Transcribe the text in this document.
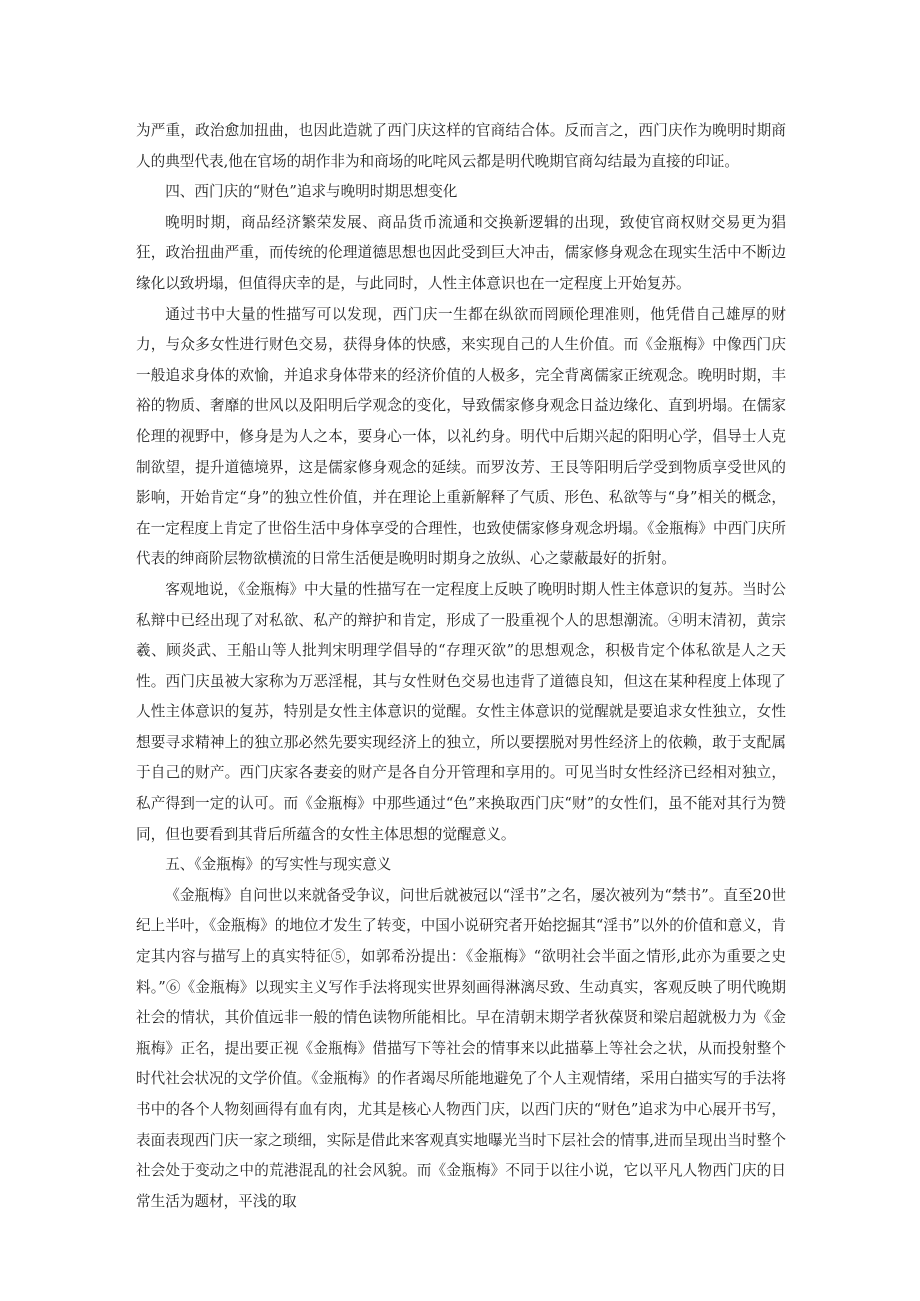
为严重，政治愈加扭曲，也因此造就了西门庆这样的官商结合体。反而言之，西门庆作为晚明时期商人的典型代表,他在官场的胡作非为和商场的叱咤风云都是明代晚期官商勾结最为直接的印证。

四、西门庆的“财色”追求与晚明时期思想变化

晚明时期，商品经济繁荣发展、商品货币流通和交换新逻辑的出现，致使官商权财交易更为猖狂，政治扭曲严重，而传统的伦理道德思想也因此受到巨大冲击，儒家修身观念在现实生活中不断边缘化以致坍塌，但值得庆幸的是，与此同时，人性主体意识也在一定程度上开始复苏。

通过书中大量的性描写可以发现，西门庆一生都在纵欲而罔顾伦理准则，他凭借自己雄厚的财力，与众多女性进行财色交易，获得身体的快感，来实现自己的人生价值。而《金瓶梅》中像西门庆一般追求身体的欢愉，并追求身体带来的经济价值的人极多，完全背离儒家正统观念。晚明时期，丰裕的物质、奢靡的世风以及阳明后学观念的变化，导致儒家修身观念日益边缘化、直到坍塌。在儒家伦理的视野中，修身是为人之本，要身心一体，以礼约身。明代中后期兴起的阳明心学，倡导士人克制欲望，提升道德境界，这是儒家修身观念的延续。而罗汝芳、王艮等阳明后学受到物质享受世风的影响，开始肯定“身”的独立性价值，并在理论上重新解释了气质、形色、私欲等与“身”相关的概念，在一定程度上肯定了世俗生活中身体享受的合理性，也致使儒家修身观念坍塌。《金瓶梅》中西门庆所代表的绅商阶层物欲横流的日常生活便是晚明时期身之放纵、心之蒙蔽最好的折射。

客观地说，《金瓶梅》中大量的性描写在一定程度上反映了晚明时期人性主体意识的复苏。当时公私辩中已经出现了对私欲、私产的辩护和肯定，形成了一股重视个人的思想潮流。④明末清初，黄宗羲、顾炎武、王船山等人批判宋明理学倡导的“存理灭欲”的思想观念，积极肯定个体私欲是人之天性。西门庆虽被大家称为万恶淫棍，其与女性财色交易也违背了道德良知，但这在某种程度上体现了人性主体意识的复苏，特别是女性主体意识的觉醒。女性主体意识的觉醒就是要追求女性独立，女性想要寻求精神上的独立那必然先要实现经济上的独立，所以要摆脱对男性经济上的依赖，敢于支配属于自己的财产。西门庆家各妻妾的财产是各自分开管理和享用的。可见当时女性经济已经相对独立，私产得到一定的认可。而《金瓶梅》中那些通过“色”来换取西门庆“财”的女性们，虽不能对其行为赞同，但也要看到其背后所蕴含的女性主体思想的觉醒意义。

五、《金瓶梅》的写实性与现实意义

《金瓶梅》自问世以来就备受争议，问世后就被冠以“淫书”之名，屡次被列为“禁书”。直至20世纪上半叶，《金瓶梅》的地位才发生了转变，中国小说研究者开始挖掘其“淫书”以外的价值和意义，肯定其内容与描写上的真实特征⑤，如郭希汾提出：《金瓶梅》“欲明社会半面之情形,此亦为重要之史料。”⑥《金瓶梅》以现实主义写作手法将现实世界刻画得淋漓尽致、生动真实，客观反映了明代晚期社会的情状，其价值远非一般的情色读物所能相比。早在清朝末期学者狄葆贤和梁启超就极力为《金瓶梅》正名，提出要正视《金瓶梅》借描写下等社会的情事来以此描摹上等社会之状，从而投射整个时代社会状况的文学价值。《金瓶梅》的作者竭尽所能地避免了个人主观情绪，采用白描实写的手法将书中的各个人物刻画得有血有肉，尤其是核心人物西门庆，以西门庆的“财色”追求为中心展开书写，表面表现西门庆一家之琐细，实际是借此来客观真实地曝光当时下层社会的情事,进而呈现出当时整个社会处于变动之中的荒港混乱的社会风貌。而《金瓶梅》不同于以往小说，它以平凡人物西门庆的日常生活为题材，平浅的取
